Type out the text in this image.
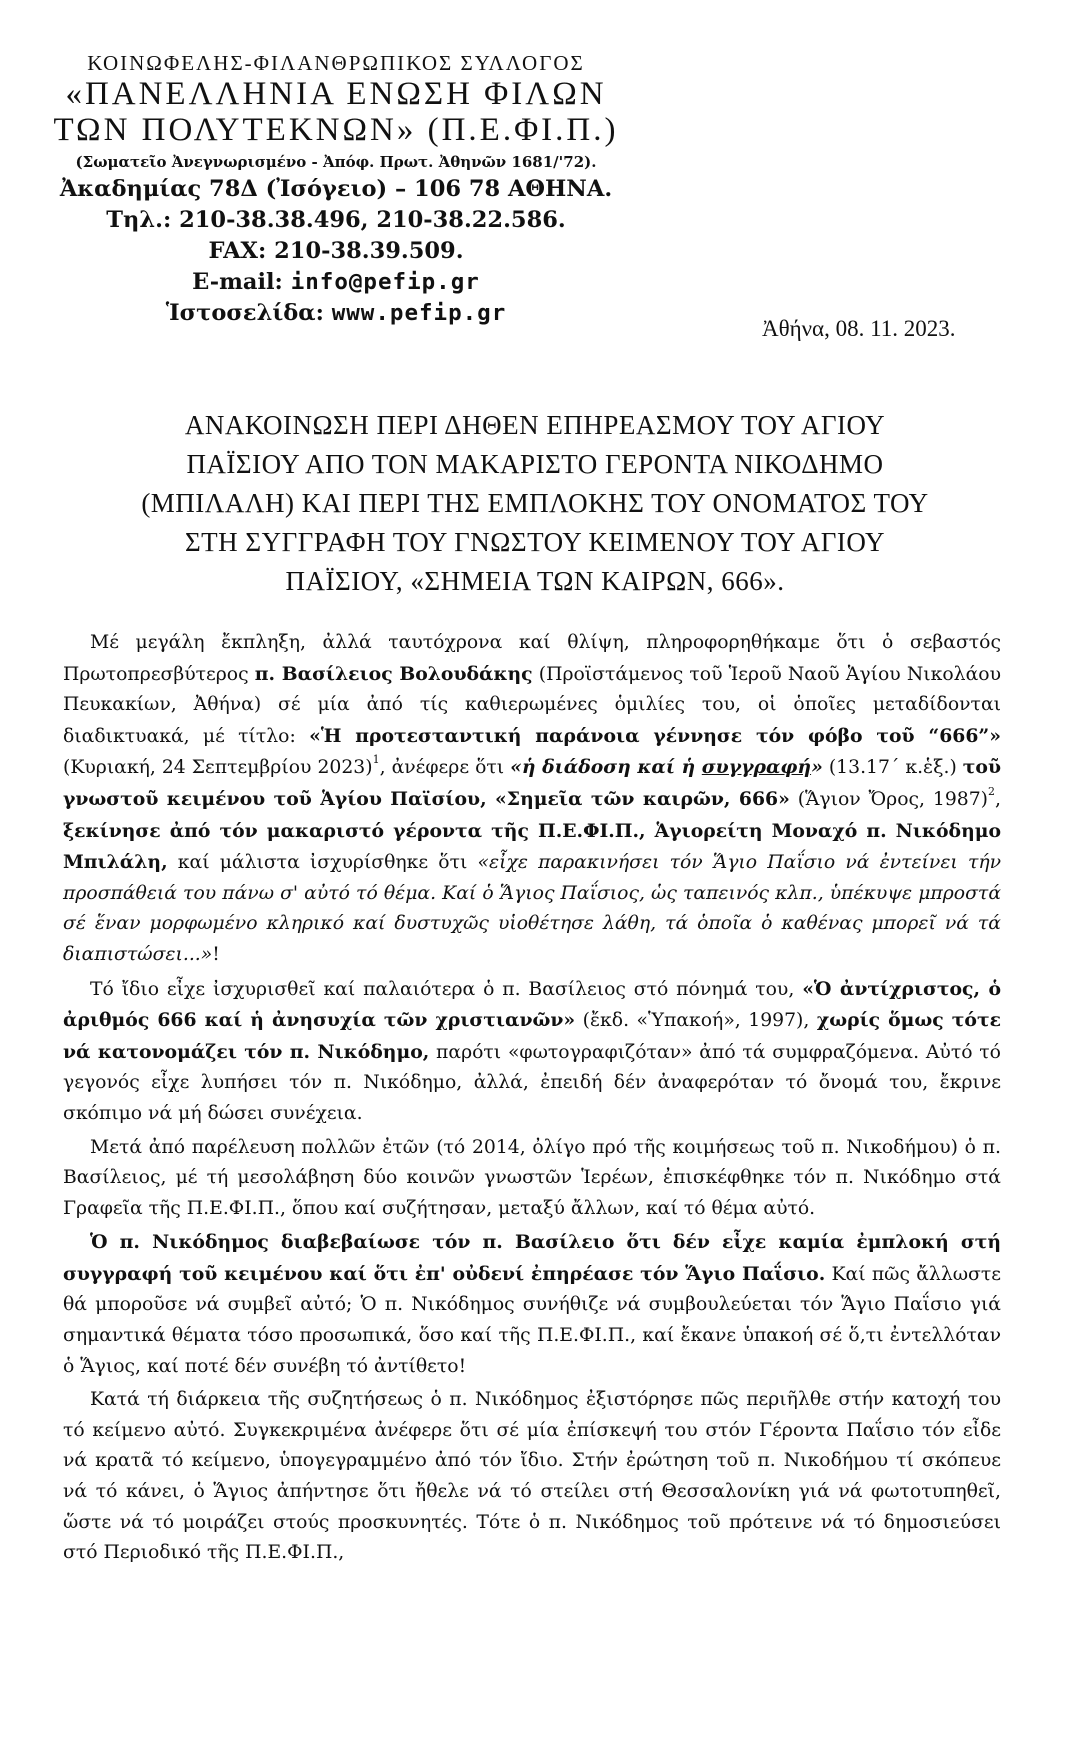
ΚΟΙΝΩΦΕΛΗΣ-ΦΙΛΑΝΘΡΩΠΙΚΟΣ ΣΥΛΛΟΓΟΣ
«ΠΑΝΕΛΛΗΝΙΑ ΕΝΩΣΗ ΦΙΛΩΝ
ΤΩΝ ΠΟΛΥΤΕΚΝΩΝ» (Π.Ε.ΦΙ.Π.)
(Σωματεῖο Ἀνεγνωρισμένο - Ἀπόφ. Πρωτ. Ἀθηνῶν 1681/'72).
Ἀκαδημίας 78Δ (Ἰσόγειο) – 106 78 ΑΘΗΝΑ.
Τηλ.: 210-38.38.496, 210-38.22.586.
FAX: 210-38.39.509.
E-mail: info@pefip.gr
Ἱστοσελίδα: www.pefip.gr
Ἀθήνα, 08. 11. 2023.
ΑΝΑΚΟΙΝΩΣΗ ΠΕΡΙ ΔΗΘΕΝ ΕΠΗΡΕΑΣΜΟΥ ΤΟΥ ΑΓΙΟΥ
ΠΑΪΣΙΟΥ ΑΠΟ ΤΟΝ ΜΑΚΑΡΙΣΤΟ ΓΕΡΟΝΤΑ ΝΙΚΟΔΗΜΟ
(ΜΠΙΛΑΛΗ) ΚΑΙ ΠΕΡΙ ΤΗΣ ΕΜΠΛΟΚΗΣ ΤΟΥ ΟΝΟΜΑΤΟΣ ΤΟΥ
ΣΤΗ ΣΥΓΓΡΑΦΗ ΤΟΥ ΓΝΩΣΤΟΥ ΚΕΙΜΕΝΟΥ ΤΟΥ ΑΓΙΟΥ
ΠΑΪΣΙΟΥ, «ΣΗΜΕΙΑ ΤΩΝ ΚΑΙΡΩΝ, 666».

Μέ μεγάλη ἔκπληξη, ἀλλά ταυτόχρονα καί θλίψη, πληροφορηθήκαμε ὅτι ὁ σεβαστός Πρωτοπρεσβύτερος π. Βασίλειος Βολουδάκης (Προϊστάμενος τοῦ Ἱεροῦ Ναοῦ Ἁγίου Νικολάου Πευκακίων, Ἀθήνα) σέ μία ἀπό τίς καθιερωμένες ὁμιλίες του, οἱ ὁποῖες μεταδίδονται διαδικτυακά, μέ τίτλο: «Ἡ προτεσταντική παράνοια γέννησε τόν φόβο τοῦ “666”» (Κυριακή, 24 Σεπτεμβρίου 2023)$^1$, ἀνέφερε ὅτι «ἡ διάδοση καί ἡ συγγραφή» (13.17΄ κ.ἑξ.) τοῦ γνωστοῦ κειμένου τοῦ Ἁγίου Παϊσίου, «Σημεῖα τῶν καιρῶν, 666» (Ἅγιον Ὄρος, 1987)$^2$, ξεκίνησε ἀπό τόν μακαριστό γέροντα τῆς Π.Ε.ΦΙ.Π., Ἁγιορείτη Μοναχό π. Νικόδημο Μπιλάλη, καί μάλιστα ἰσχυρίσθηκε ὅτι «εἶχε παρακινήσει τόν Ἅγιο Παΐσιο νά ἐντείνει τήν προσπάθειά του πάνω σ' αὐτό τό θέμα. Καί ὁ Ἅγιος Παΐσιος, ὡς ταπεινός κλπ., ὑπέκυψε μπροστά σέ ἕναν μορφωμένο κληρικό καί δυστυχῶς υἱοθέτησε λάθη, τά ὁποῖα ὁ καθένας μπορεῖ νά τά διαπιστώσει...»!

Τό ἴδιο εἶχε ἰσχυρισθεῖ καί παλαιότερα ὁ π. Βασίλειος στό πόνημά του, «Ὁ ἀντίχριστος, ὁ ἀριθμός 666 καί ἡ ἀνησυχία τῶν χριστιανῶν» (ἔκδ. «Ὑπακοή», 1997), χωρίς ὅμως τότε νά κατονομάζει τόν π. Νικόδημο, παρότι «φωτογραφιζόταν» ἀπό τά συμφραζόμενα. Αὐτό τό γεγονός εἶχε λυπήσει τόν π. Νικόδημο, ἀλλά, ἐπειδή δέν ἀναφερόταν τό ὄνομά του, ἔκρινε σκόπιμο νά μή δώσει συνέχεια.

Μετά ἀπό παρέλευση πολλῶν ἐτῶν (τό 2014, ὀλίγο πρό τῆς κοιμήσεως τοῦ π. Νικοδήμου) ὁ π. Βασίλειος, μέ τή μεσολάβηση δύο κοινῶν γνωστῶν Ἱερέων, ἐπισκέφθηκε τόν π. Νικόδημο στά Γραφεῖα τῆς Π.Ε.ΦΙ.Π., ὅπου καί συζήτησαν, μεταξύ ἄλλων, καί τό θέμα αὐτό.

Ὁ π. Νικόδημος διαβεβαίωσε τόν π. Βασίλειο ὅτι δέν εἶχε καμία ἐμπλοκή στή συγγραφή τοῦ κειμένου καί ὅτι ἐπ' οὐδενί ἐπηρέασε τόν Ἅγιο Παΐσιο. Καί πῶς ἄλλωστε θά μποροῦσε νά συμβεῖ αὐτό; Ὁ π. Νικόδημος συνήθιζε νά συμβουλεύεται τόν Ἅγιο Παΐσιο γιά σημαντικά θέματα τόσο προσωπικά, ὅσο καί τῆς Π.Ε.ΦΙ.Π., καί ἔκανε ὑπακοή σέ ὅ,τι ἐντελλόταν ὁ Ἅγιος, καί ποτέ δέν συνέβη τό ἀντίθετο!

Κατά τή διάρκεια τῆς συζητήσεως ὁ π. Νικόδημος ἐξιστόρησε πῶς περιῆλθε στήν κατοχή του τό κείμενο αὐτό. Συγκεκριμένα ἀνέφερε ὅτι σέ μία ἐπίσκεψή του στόν Γέροντα Παΐσιο τόν εἶδε νά κρατᾶ τό κείμενο, ὑπογεγραμμένο ἀπό τόν ἴδιο. Στήν ἐρώτηση τοῦ π. Νικοδήμου τί σκόπευε νά τό κάνει, ὁ Ἅγιος ἀπήντησε ὅτι ἤθελε νά τό στείλει στή Θεσσαλονίκη γιά νά φωτοτυπηθεῖ, ὥστε νά τό μοιράζει στούς προσκυνητές. Τότε ὁ π. Νικόδημος τοῦ πρότεινε νά τό δημοσιεύσει στό Περιοδικό τῆς Π.Ε.ΦΙ.Π.,
